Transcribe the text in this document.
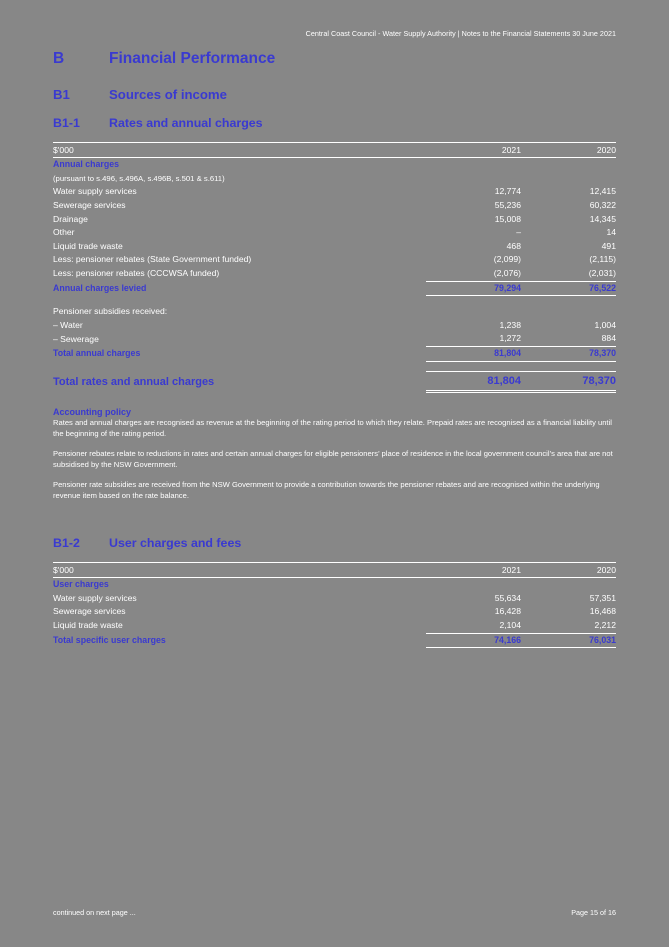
Central Coast Council - Water Supply Authority | Notes to the Financial Statements 30 June 2021
B	Financial Performance
B1	Sources of income
B1-1	Rates and annual charges
$'000	2021	2020
Annual charges		
(pursuant to s.496, s.496A, s.496B, s.501 & s.611)		
Water supply services	12,774	12,415
Sewerage services	55,236	60,322
Drainage	15,008	14,345
Other	–	14
Liquid trade waste	468	491
Less: pensioner rebates (State Government funded)	(2,099)	(2,115)
Less: pensioner rebates (CCCWSA funded)	(2,076)	(2,031)
Annual charges levied	79,294	76,522

Pensioner subsidies received:		
– Water	1,238	1,004
– Sewerage	1,272	884
Total annual charges	81,804	78,370

Total rates and annual charges	81,804	78,370
Accounting policy

Rates and annual charges are recognised as revenue at the beginning of the rating period to which they relate. Prepaid rates are recognised as a financial liability until the beginning of the rating period.

Pensioner rebates relate to reductions in rates and certain annual charges for eligible pensioners’ place of residence in the local government council’s area that are not subsidised by the NSW Government.

Pensioner rate subsidies are received from the NSW Government to provide a contribution towards the pensioner rebates and are recognised within the underlying revenue item based on the rate balance.

B1-2	User charges and fees
$'000	2021	2020
User charges		
Water supply services	55,634	57,351
Sewerage services	16,428	16,468
Liquid trade waste	2,104	2,212
Total specific user charges	74,166	76,031
continued on next page ...	Page 15 of 16
